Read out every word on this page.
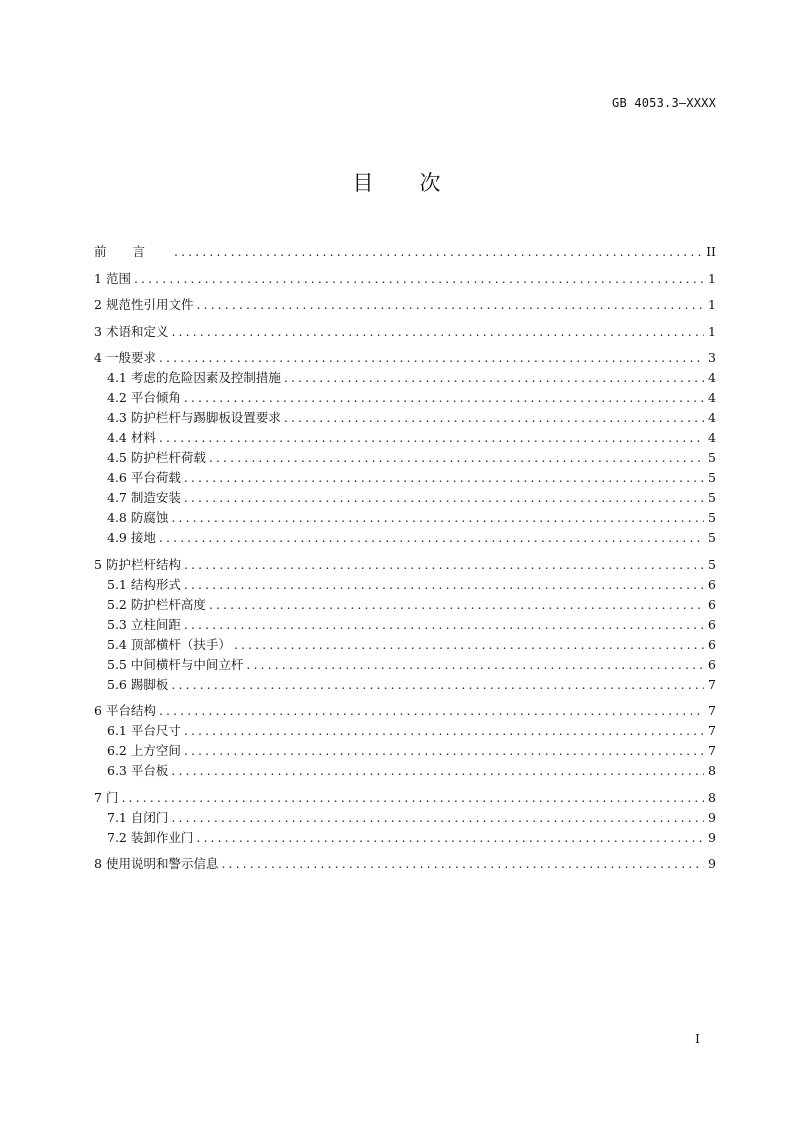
GB 4053.3—XXXX
目 次
前言 .....	II
1 范围 .....	1
2 规范性引用文件 .....	1
3 术语和定义 .....	1
4 一般要求 .....	3
4.1 考虑的危险因素及控制措施 .....	4
4.2 平台倾角 .....	4
4.3 防护栏杆与踢脚板设置要求 .....	4
4.4 材料 .....	4
4.5 防护栏杆荷载 .....	5
4.6 平台荷载 .....	5
4.7 制造安装 .....	5
4.8 防腐蚀 .....	5
4.9 接地 .....	5
5 防护栏杆结构 .....	5
5.1 结构形式 .....	6
5.2 防护栏杆高度 .....	6
5.3 立柱间距 .....	6
5.4 顶部横杆（扶手） .....	6
5.5 中间横杆与中间立杆 .....	6
5.6 踢脚板 .....	7
6 平台结构 .....	7
6.1 平台尺寸 .....	7
6.2 上方空间 .....	7
6.3 平台板 .....	8
7 门 .....	8
7.1 自闭门 .....	9
7.2 装卸作业门 .....	9
8 使用说明和警示信息 .....	9
I
